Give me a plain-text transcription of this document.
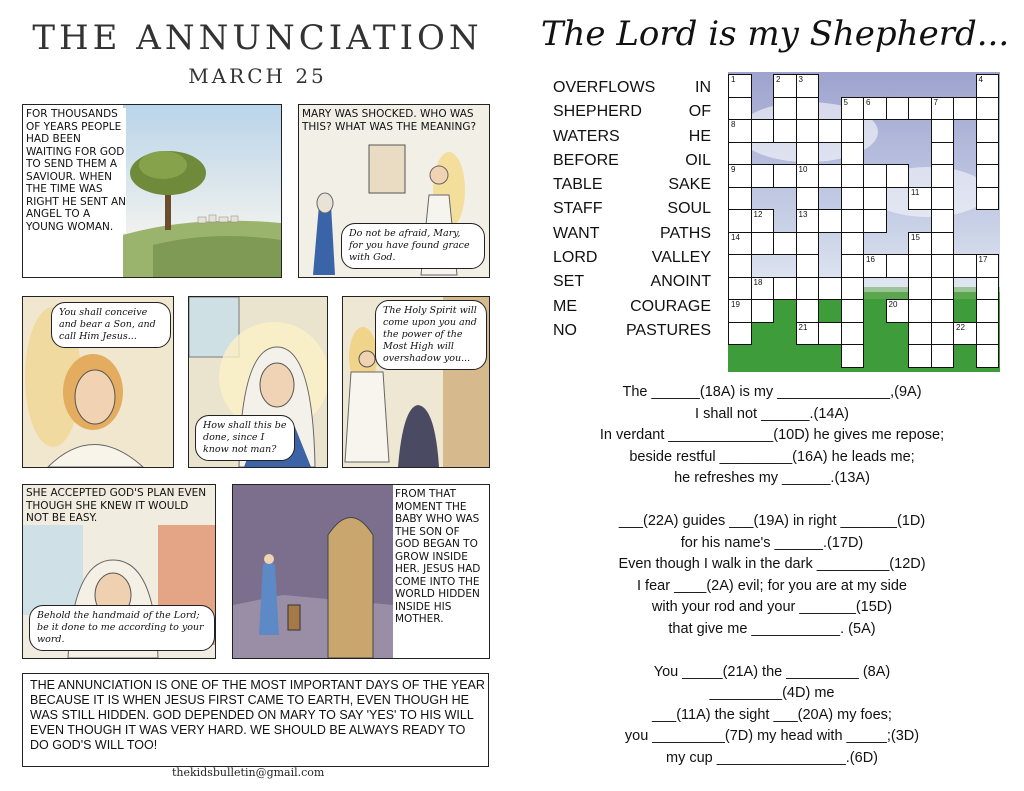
THE ANNUNCIATION
MARCH 25
FOR THOUSANDS OF YEARS PEOPLE HAD BEEN WAITING FOR GOD TO SEND THEM A SAVIOUR. WHEN THE TIME WAS RIGHT HE SENT AN ANGEL TO A YOUNG WOMAN.
MARY WAS SHOCKED. WHO WAS THIS? WHAT WAS THE MEANING?
Do not be afraid, Mary, for you have found grace with God.
You shall conceive and bear a Son, and call Him Jesus...
How shall this be done, since I know not man?
The Holy Spirit will come upon you and the power of the Most High will overshadow you...
SHE ACCEPTED GOD'S PLAN EVEN THOUGH SHE KNEW IT WOULD NOT BE EASY.
Behold the handmaid of the Lord; be it done to me according to your word.
FROM THAT MOMENT THE BABY WHO WAS THE SON OF GOD BEGAN TO GROW INSIDE HER. JESUS HAD COME INTO THE WORLD HIDDEN INSIDE HIS MOTHER.
THE ANNUNCIATION IS ONE OF THE MOST IMPORTANT DAYS OF THE YEAR BECAUSE IT IS WHEN JESUS FIRST CAME TO EARTH, EVEN THOUGH HE WAS STILL HIDDEN. GOD DEPENDED ON MARY TO SAY 'YES' TO HIS WILL EVEN THOUGH IT WAS VERY HARD. WE SHOULD BE ALWAYS READY TO DO GOD'S WILL TOO!
thekidsbulletin@gmail.com
The Lord is my Shepherd...
OVERFLOWS IN
SHEPHERD	OF
WATERS	HE
BEFORE	OIL
TABLE	SAKE
STAFF	SOUL
WANT	PATHS
LORD	VALLEY
SET	ANOINT
ME	COURAGE
NO	PASTURES
1	2 3	4
5 6	7
8
9	10
11
12	13
14	15
16	17
18
19	20
21	22
The ______(18A) is my ______________,(9A)
I shall not ______.(14A)
In verdant _____________(10D) he gives me repose;
beside restful _________(16A) he leads me;
he refreshes my ______.(13A)

___(22A) guides ___(19A) in right _______(1D)
for his name's ______.(17D)
Even though I walk in the dark _________(12D)
I fear ____(2A) evil; for you are at my side
with your rod and your _______(15D)
that give me ___________. (5A)

You _____(21A) the _________ (8A)
_________(4D) me
___(11A) the sight ___(20A) my foes;
you _________(7D) my head with _____;(3D)
my cup ________________.(6D)
